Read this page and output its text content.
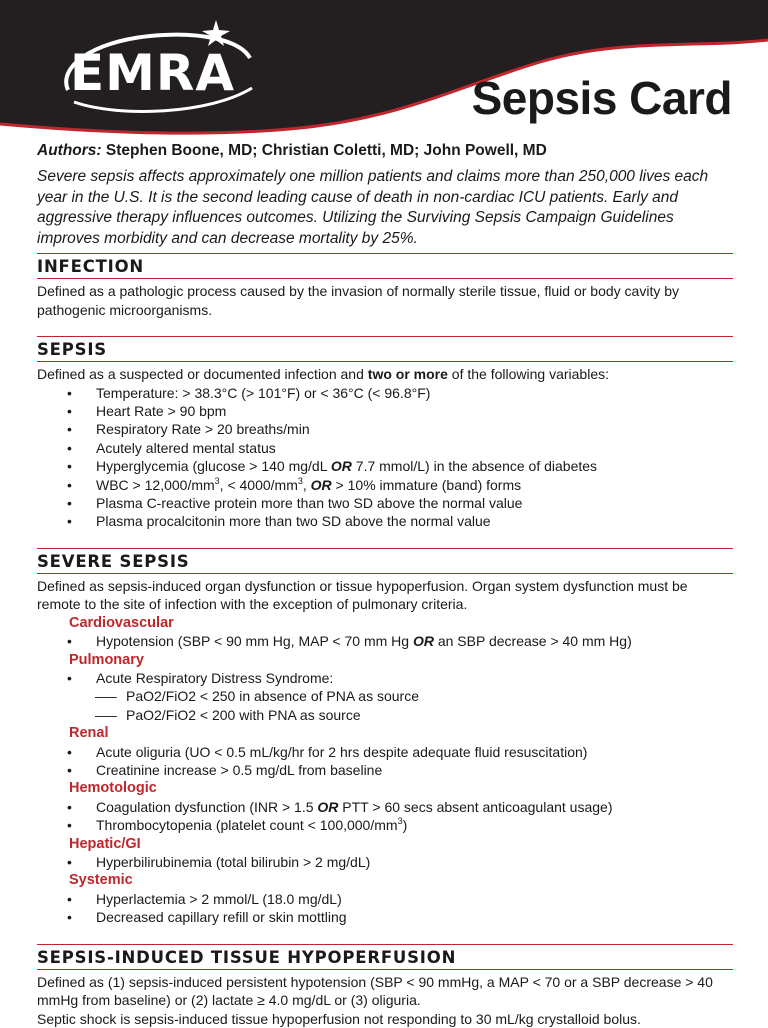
EMRA	Sepsis Card

Authors: Stephen Boone, MD; Christian Coletti, MD; John Powell, MD

Severe sepsis affects approximately one million patients and claims more than 250,000 lives each year in the U.S. It is the second leading cause of death in non-cardiac ICU patients. Early and aggressive therapy influences outcomes. Utilizing the Surviving Sepsis Campaign Guidelines improves morbidity and can decrease mortality by 25%.

INFECTION

Defined as a pathologic process caused by the invasion of normally sterile tissue, fluid or body cavity by pathogenic microorganisms.

SEPSIS

Defined as a suspected or documented infection and two or more of the following variables:

• Temperature: > 38.3°C (> 101°F) or < 36°C (< 96.8°F)
• Heart Rate > 90 bpm
• Respiratory Rate > 20 breaths/min
• Acutely altered mental status
• Hyperglycemia (glucose > 140 mg/dL OR 7.7 mmol/L) in the absence of diabetes
• WBC > $12,000/mm^3$, < $4000/mm^3$, OR > 10% immature (band) forms
• Plasma C-reactive protein more than two SD above the normal value
• Plasma procalcitonin more than two SD above the normal value
SEVERE SEPSIS

Defined as sepsis-induced organ dysfunction or tissue hypoperfusion. Organ system dysfunction must be remote to the site of infection with the exception of pulmonary criteria.

Cardiovascular
• Hypotension (SBP < 90 mm Hg, MAP < 70 mm Hg OR an SBP decrease > 40 mm Hg)
Pulmonary
• Acute Respiratory Distress Syndrome:
—– PaO2/FiO2 < 250 in absence of PNA as source
—– PaO2/FiO2 < 200 with PNA as source
Renal
• Acute oliguria (UO < 0.5 mL/kg/hr for 2 hrs despite adequate fluid resuscitation)
• Creatinine increase > 0.5 mg/dL from baseline
Hemotologic
• Coagulation dysfunction (INR > 1.5 OR PTT > 60 secs absent anticoagulant usage)
• Thrombocytopenia (platelet count < $100,000/mm^3$)
Hepatic/GI
• Hyperbilirubinemia (total bilirubin > 2 mg/dL)
Systemic
• Hyperlactemia > 2 mmol/L (18.0 mg/dL)
• Decreased capillary refill or skin mottling
SEPSIS-INDUCED TISSUE HYPOPERFUSION

Defined as (1) sepsis-induced persistent hypotension (SBP < 90 mmHg, a MAP < 70 or a SBP decrease > 40 mmHg from baseline) or (2) lactate ≥ 4.0 mg/dL or (3) oliguria.

Septic shock is sepsis-induced tissue hypoperfusion not responding to 30 mL/kg crystalloid bolus.
